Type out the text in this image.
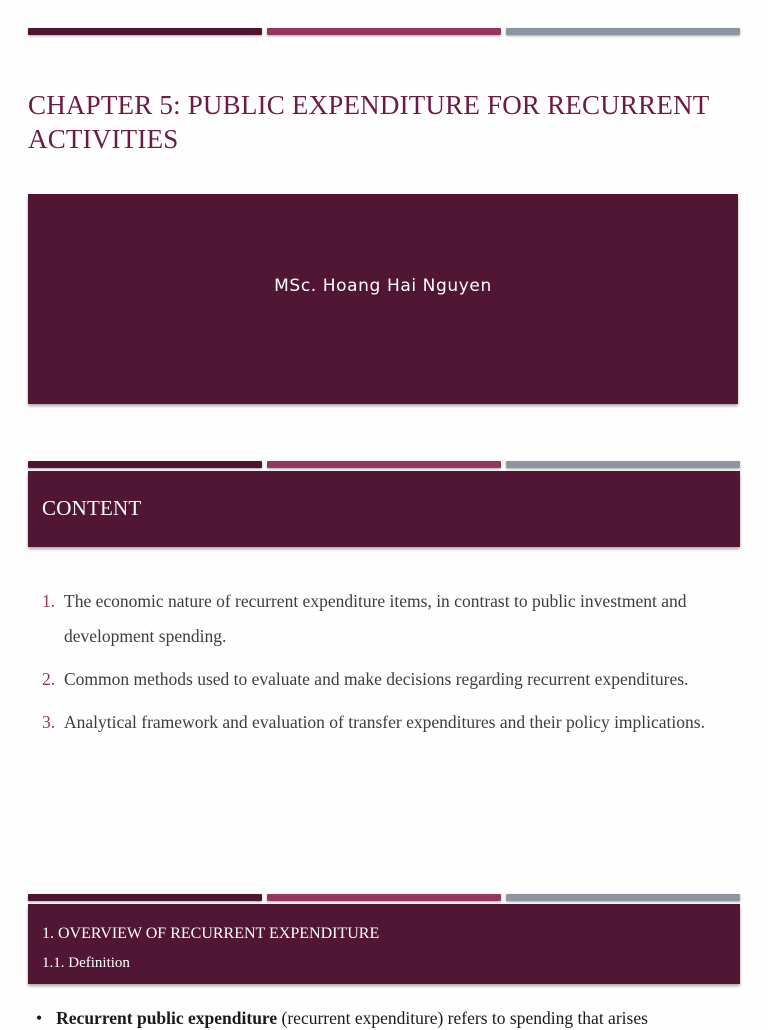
CHAPTER 5: PUBLIC EXPENDITURE FOR RECURRENT ACTIVITIES
MSc. Hoang Hai Nguyen
CONTENT
1. The economic nature of recurrent expenditure items, in contrast to public investment and development spending.
2. Common methods used to evaluate and make decisions regarding recurrent expenditures.
3. Analytical framework and evaluation of transfer expenditures and their policy implications.
1. OVERVIEW OF RECURRENT EXPENDITURE
1.1. Definition

• Recurrent public expenditure (recurrent expenditure) refers to spending that arises
